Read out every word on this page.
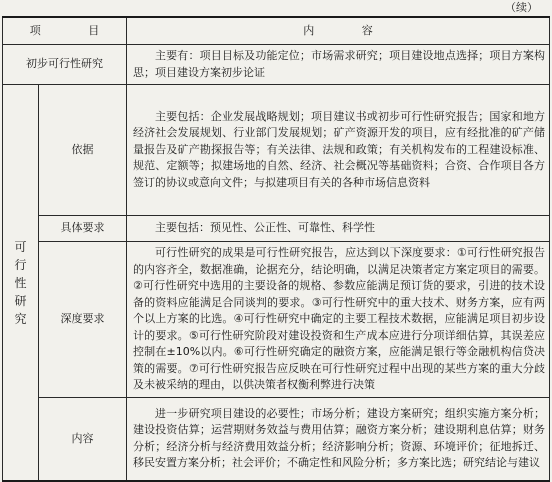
（续）
项 目		内 容
初步可行性研究		主要有：项目目标及功能定位；市场需求研究；项目建设地点选择；项目方案构思；项目建设方案初步论证

可行性研究	依据	主要包括：企业发展战略规划；项目建议书或初步可行性研究报告；国家和地方经济社会发展规划、行业部门发展规划；矿产资源开发的项目，应有经批准的矿产储量报告及矿产勘探报告等；有关法律、法规和政策；有关机构发布的工程建设标准、规范、定额等；拟建场地的自然、经济、社会概况等基础资料；合资、合作项目各方签订的协议或意向文件；与拟建项目有关的各种市场信息资料
	具体要求	主要包括：预见性、公正性、可靠性、科学性
	深度要求	可行性研究的成果是可行性研究报告，应达到以下深度要求：①可行性研究报告的内容齐全，数据准确，论据充分，结论明确，以满足决策者定方案定项目的需要。②可行性研究中选用的主要设备的规格、参数应能满足预订货的要求，引进的技术设备的资料应能满足合同谈判的要求。③可行性研究中的重大技术、财务方案，应有两个以上方案的比选。④可行性研究中确定的主要工程技术数据，应能满足项目初步设计的要求。⑤可行性研究阶段对建设投资和生产成本应进行分项详细估算，其误差应控制在±10%以内。⑥可行性研究确定的融资方案，应能满足银行等金融机构信贷决策的需要。⑦可行性研究报告应反映在可行性研究过程中出现的某些方案的重大分歧及未被采纳的理由，以供决策者权衡利弊进行决策
	内容	进一步研究项目建设的必要性；市场分析；建设方案研究；组织实施方案分析；建设投资估算；运营期财务效益与费用估算；融资方案分析；建设期利息估算；财务分析；经济分析与经济费用效益分析；经济影响分析；资源、环境评价；征地拆迁、移民安置方案分析；社会评价；不确定性和风险分析；多方案比选；研究结论与建议
